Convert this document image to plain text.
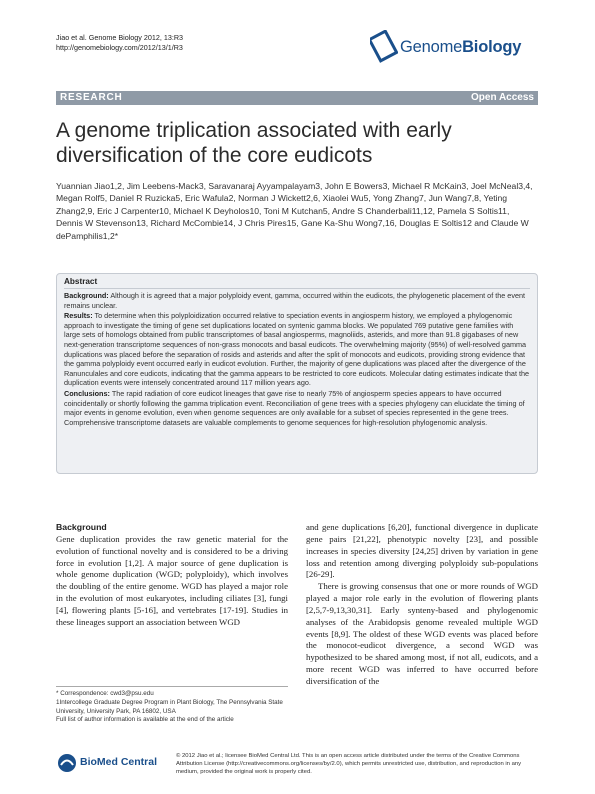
Jiao et al. Genome Biology 2012, 13:R3
http://genomebiology.com/2012/13/1/R3	GenomeBiology
RESEARCH	Open Access
A genome triplication associated with early diversification of the core eudicots
Yuannian Jiao1,2, Jim Leebens-Mack3, Saravanaraj Ayyampalayam3, John E Bowers3, Michael R McKain3, Joel McNeal3,4, Megan Rolf5, Daniel R Ruzicka5, Eric Wafula2, Norman J Wickett2,6, Xiaolei Wu5, Yong Zhang7, Jun Wang7,8, Yeting Zhang2,9, Eric J Carpenter10, Michael K Deyholos10, Toni M Kutchan5, Andre S Chanderbali11,12, Pamela S Soltis11, Dennis W Stevenson13, Richard McCombie14, J Chris Pires15, Gane Ka-Shu Wong7,16, Douglas E Soltis12 and Claude W dePamphilis1,2*
Abstract

Background: Although it is agreed that a major polyploidy event, gamma, occurred within the eudicots, the phylogenetic placement of the event remains unclear.

Results: To determine when this polyploidization occurred relative to speciation events in angiosperm history, we employed a phylogenomic approach to investigate the timing of gene set duplications located on syntenic gamma blocks. We populated 769 putative gene families with large sets of homologs obtained from public transcriptomes of basal angiosperms, magnoliids, asterids, and more than 91.8 gigabases of new next-generation transcriptome sequences of non-grass monocots and basal eudicots. The overwhelming majority (95%) of well-resolved gamma duplications was placed before the separation of rosids and asterids and after the split of monocots and eudicots, providing strong evidence that the gamma polyploidy event occurred early in eudicot evolution. Further, the majority of gene duplications was placed after the divergence of the Ranunculales and core eudicots, indicating that the gamma appears to be restricted to core eudicots. Molecular dating estimates indicate that the duplication events were intensely concentrated around 117 million years ago.

Conclusions: The rapid radiation of core eudicot lineages that gave rise to nearly 75% of angiosperm species appears to have occurred coincidentally or shortly following the gamma triplication event. Reconciliation of gene trees with a species phylogeny can elucidate the timing of major events in genome evolution, even when genome sequences are only available for a subset of species represented in the gene trees. Comprehensive transcriptome datasets are valuable complements to genome sequences for high-resolution phylogenomic analysis.

Background

Gene duplication provides the raw genetic material for the evolution of functional novelty and is considered to be a driving force in evolution [1,2]. A major source of gene duplication is whole genome duplication (WGD; polyploidy), which involves the doubling of the entire genome. WGD has played a major role in the evolution of most eukaryotes, including ciliates [3], fungi [4], flowering plants [5-16], and vertebrates [17-19]. Studies in these lineages support an association between WGD

and gene duplications [6,20], functional divergence in duplicate gene pairs [21,22], phenotypic novelty [23], and possible increases in species diversity [24,25] driven by variation in gene loss and retention among diverging polyploidy sub-populations [26-29].

There is growing consensus that one or more rounds of WGD played a major role early in the evolution of flowering plants [2,5,7-9,13,30,31]. Early synteny-based and phylogenomic analyses of the Arabidopsis genome revealed multiple WGD events [8,9]. The oldest of these WGD events was placed before the monocot-eudicot divergence, a second WGD was hypothesized to be shared among most, if not all, eudicots, and a more recent WGD was inferred to have occurred before diversification of the

* Correspondence: cwd3@psu.edu
1Intercollege Graduate Degree Program in Plant Biology, The Pennsylvania State University, University Park, PA 16802, USA
Full list of author information is available at the end of the article
BioMed Central	© 2012 Jiao et al.; licensee BioMed Central Ltd. This is an open access article distributed under the terms of the Creative Commons Attribution License (http://creativecommons.org/licenses/by/2.0), which permits unrestricted use, distribution, and reproduction in any medium, provided the original work is properly cited.
